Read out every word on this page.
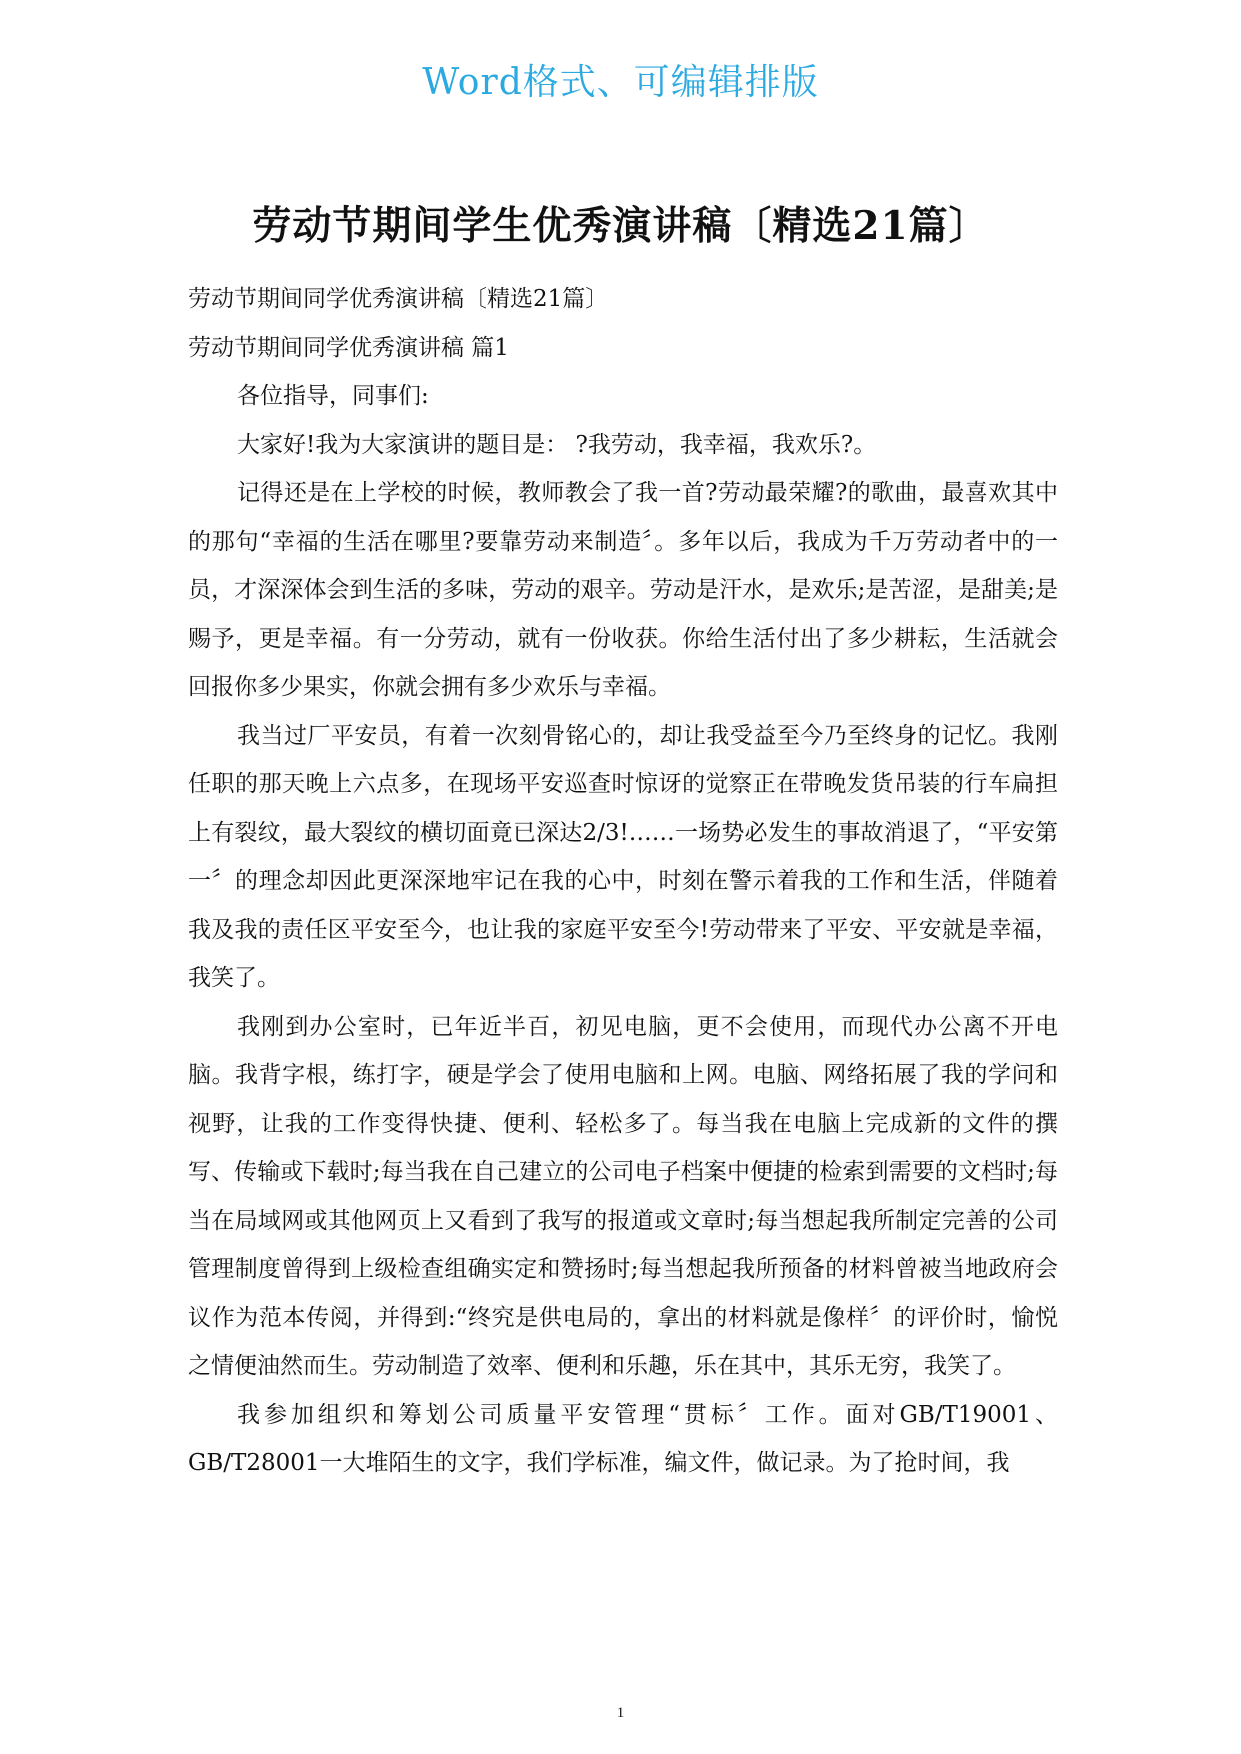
Word格式、可编辑排版
劳动节期间学生优秀演讲稿〔精选21篇〕

劳动节期间同学优秀演讲稿〔精选21篇〕

劳动节期间同学优秀演讲稿 篇1

各位指导，同事们:

大家好!我为大家演讲的题目是： ?我劳动，我幸福，我欢乐?。

记得还是在上学校的时候，教师教会了我一首?劳动最荣耀?的歌曲，最喜欢其中的那句“幸福的生活在哪里?要靠劳动来制造〞。多年以后，我成为千万劳动者中的一员，才深深体会到生活的多味，劳动的艰辛。劳动是汗水，是欢乐;是苦涩，是甜美;是赐予，更是幸福。有一分劳动，就有一份收获。你给生活付出了多少耕耘，生活就会回报你多少果实，你就会拥有多少欢乐与幸福。

我当过厂平安员，有着一次刻骨铭心的，却让我受益至今乃至终身的记忆。我刚任职的那天晚上六点多，在现场平安巡查时惊讶的觉察正在带晚发货吊装的行车扁担上有裂纹，最大裂纹的横切面竟已深达2/3!……一场势必发生的事故消退了，“平安第一〞的理念却因此更深深地牢记在我的心中，时刻在警示着我的工作和生活，伴随着我及我的责任区平安至今，也让我的家庭平安至今!劳动带来了平安、平安就是幸福，我笑了。

我刚到办公室时，已年近半百，初见电脑，更不会使用，而现代办公离不开电脑。我背字根，练打字，硬是学会了使用电脑和上网。电脑、网络拓展了我的学问和视野，让我的工作变得快捷、便利、轻松多了。每当我在电脑上完成新的文件的撰写、传输或下载时;每当我在自己建立的公司电子档案中便捷的检索到需要的文档时;每当在局域网或其他网页上又看到了我写的报道或文章时;每当想起我所制定完善的公司管理制度曾得到上级检查组确实定和赞扬时;每当想起我所预备的材料曾被当地政府会议作为范本传阅，并得到:“终究是供电局的，拿出的材料就是像样〞的评价时，愉悦之情便油然而生。劳动制造了效率、便利和乐趣，乐在其中，其乐无穷，我笑了。

我参加组织和筹划公司质量平安管理“贯标〞工作。面对GB/T19001、GB/T28001一大堆陌生的文字，我们学标准，编文件，做记录。为了抢时间，我

1
